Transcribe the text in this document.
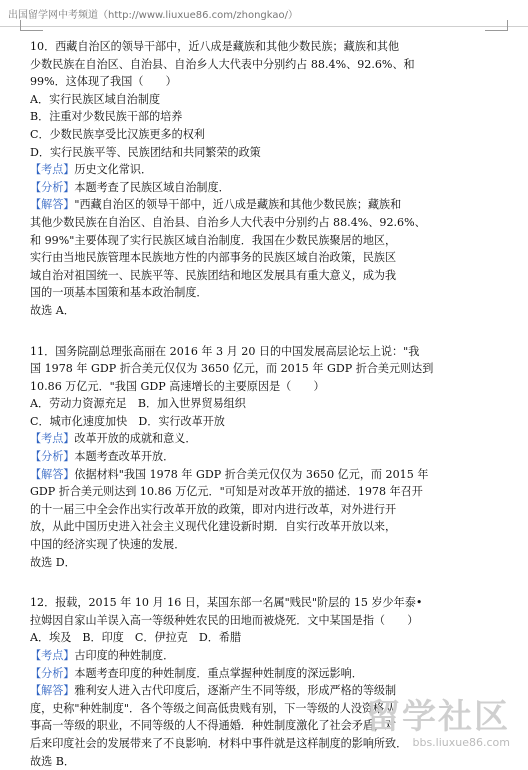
出国留学网中考频道（http://www.liuxue86.com/zhongkao/）
10．西藏自治区的领导干部中，近八成是藏族和其他少数民族；藏族和其他
少数民族在自治区、自治县、自治乡人大代表中分别约占 88.4%、92.6%、和
99%．这体现了我国（　　）
A．实行民族区域自治制度
B．注重对少数民族干部的培养
C．少数民族享受比汉族更多的权利
D．实行民族平等、民族团结和共同繁荣的政策
【考点】历史文化常识．
【分析】本题考查了民族区域自治制度．
【解答】"西藏自治区的领导干部中，近八成是藏族和其他少数民族；藏族和
其他少数民族在自治区、自治县、自治乡人大代表中分别约占 88.4%、92.6%、
和 99%"主要体现了实行民族区域自治制度．我国在少数民族聚居的地区，
实行由当地民族管理本民族地方性的内部事务的民族区域自治政策，民族区
域自治对祖国统一、民族平等、民族团结和地区发展具有重大意义，成为我
国的一项基本国策和基本政治制度．
故选 A．
11．国务院副总理张高丽在 2016 年 3 月 20 日的中国发展高层论坛上说："我
国 1978 年 GDP 折合美元仅仅为 3650 亿元，而 2015 年 GDP 折合美元则达到
10.86 万亿元．"我国 GDP 高速增长的主要原因是（　　）
A．劳动力资源充足　B．加入世界贸易组织
C．城市化速度加快　D．实行改革开放
【考点】改革开放的成就和意义．
【分析】本题考查改革开放．
【解答】依据材料"我国 1978 年 GDP 折合美元仅仅为 3650 亿元，而 2015 年
GDP 折合美元则达到 10.86 万亿元．"可知是对改革开放的描述．1978 年召开
的十一届三中全会作出实行改革开放的政策，即对内进行改革，对外进行开
放，从此中国历史进入社会主义现代化建设新时期．自实行改革开放以来，
中国的经济实现了快速的发展．
故选 D．
12．报载，2015 年 10 月 16 日，某国东部一名属"贱民"阶层的 15 岁少年泰•
拉姆因自家山羊误入高一等级种姓农民的田地而被烧死．文中某国是指（　　）
A．埃及　B．印度　C．伊拉克　D．希腊
【考点】古印度的种姓制度．
【分析】本题考查印度的种姓制度．重点掌握种姓制度的深远影响．
【解答】雅利安人进入古代印度后，逐渐产生不同等级，形成严格的等级制
度，史称"种姓制度"．各个等级之间高低贵贱有别，下一等级的人没资格从
事高一等级的职业，不同等级的人不得通婚．种姓制度激化了社会矛盾，对
后来印度社会的发展带来了不良影响．材料中事件就是这样制度的影响所致．
故选 B．
留学社区
bbs.liuxue86.com
